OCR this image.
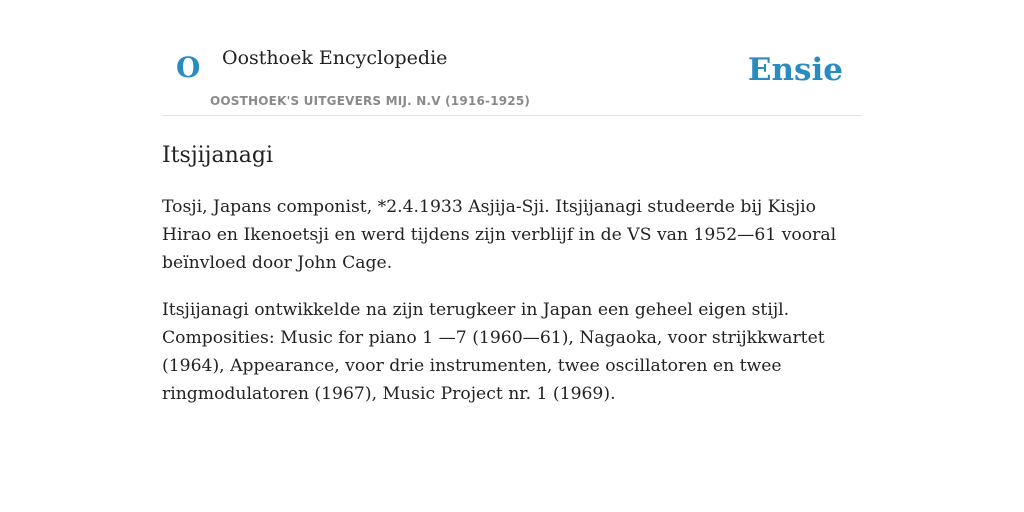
O Oosthoek Encyclopedie
OOSTHOEK'S UITGEVERS MIJ. N.V (1916-1925)
Ensie
Itsjijanagi

Tosji, Japans componist, *2.4.1933 Asjija-Sji. Itsjijanagi studeerde bij Kisjio Hirao en Ikenoetsji en werd tijdens zijn verblijf in de VS van 1952—61 vooral beïnvloed door John Cage.

Itsjijanagi ontwikkelde na zijn terugkeer in Japan een geheel eigen stijl. Composities: Music for piano 1 —7 (1960—61), Nagaoka, voor strijkkwartet (1964), Appearance, voor drie instrumenten, twee oscillatoren en twee ringmodulatoren (1967), Music Project nr. 1 (1969).
